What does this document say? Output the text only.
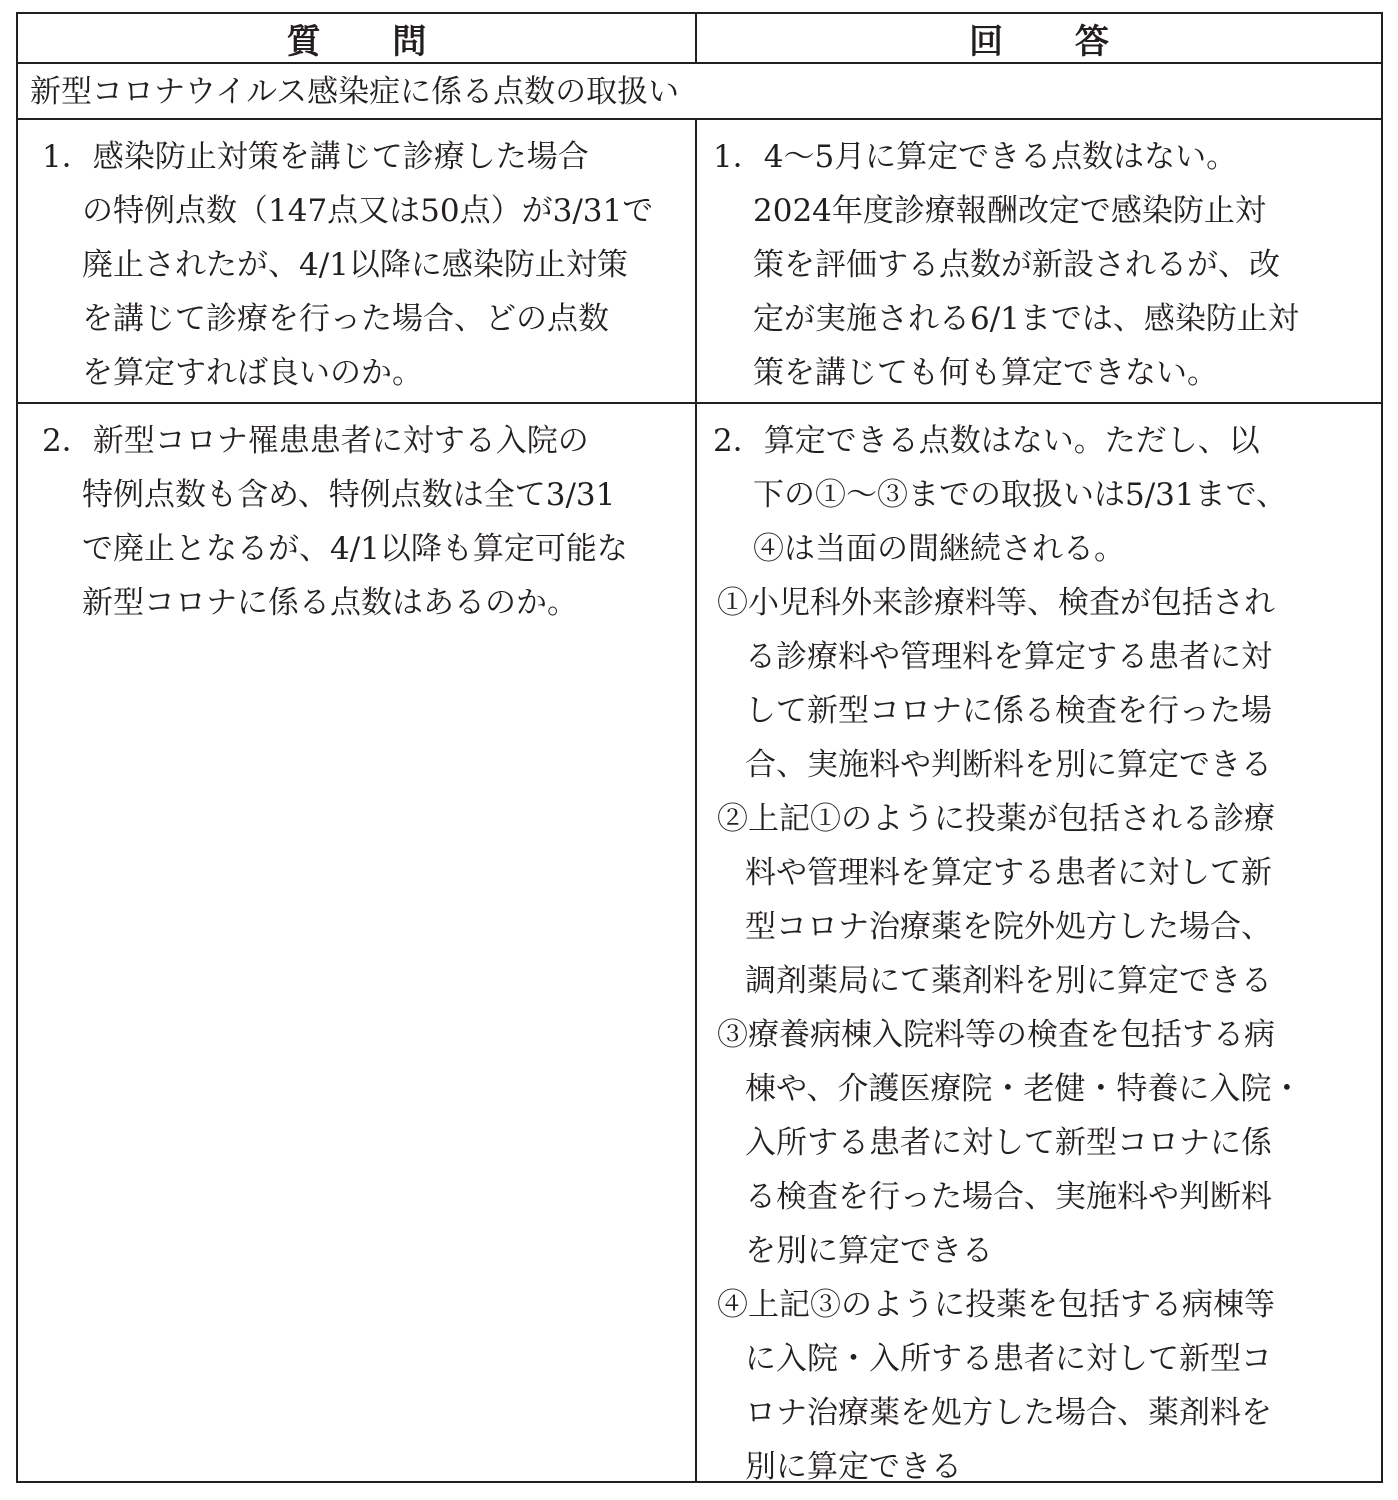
質 問	回 答
新型コロナウイルス感染症に係る点数の取扱い
1．感染防止対策を講じて診療した場合
の特例点数（147点又は50点）が3/31で
廃止されたが、4/1以降に感染防止対策
を講じて診療を行った場合、どの点数
を算定すれば良いのか。
1．4〜5月に算定できる点数はない。
2024年度診療報酬改定で感染防止対
策を評価する点数が新設されるが、改
定が実施される6/1までは、感染防止対
策を講じても何も算定できない。
2．新型コロナ罹患患者に対する入院の
特例点数も含め、特例点数は全て3/31
で廃止となるが、4/1以降も算定可能な
新型コロナに係る点数はあるのか。
2．算定できる点数はない。ただし、以
下の①〜③までの取扱いは5/31まで、
④は当面の間継続される。
①小児科外来診療料等、検査が包括され
る診療料や管理料を算定する患者に対
して新型コロナに係る検査を行った場
合、実施料や判断料を別に算定できる
②上記①のように投薬が包括される診療
料や管理料を算定する患者に対して新
型コロナ治療薬を院外処方した場合、
調剤薬局にて薬剤料を別に算定できる
③療養病棟入院料等の検査を包括する病
棟や、介護医療院・老健・特養に入院・
入所する患者に対して新型コロナに係
る検査を行った場合、実施料や判断料
を別に算定できる
④上記③のように投薬を包括する病棟等
に入院・入所する患者に対して新型コ
ロナ治療薬を処方した場合、薬剤料を
別に算定できる
